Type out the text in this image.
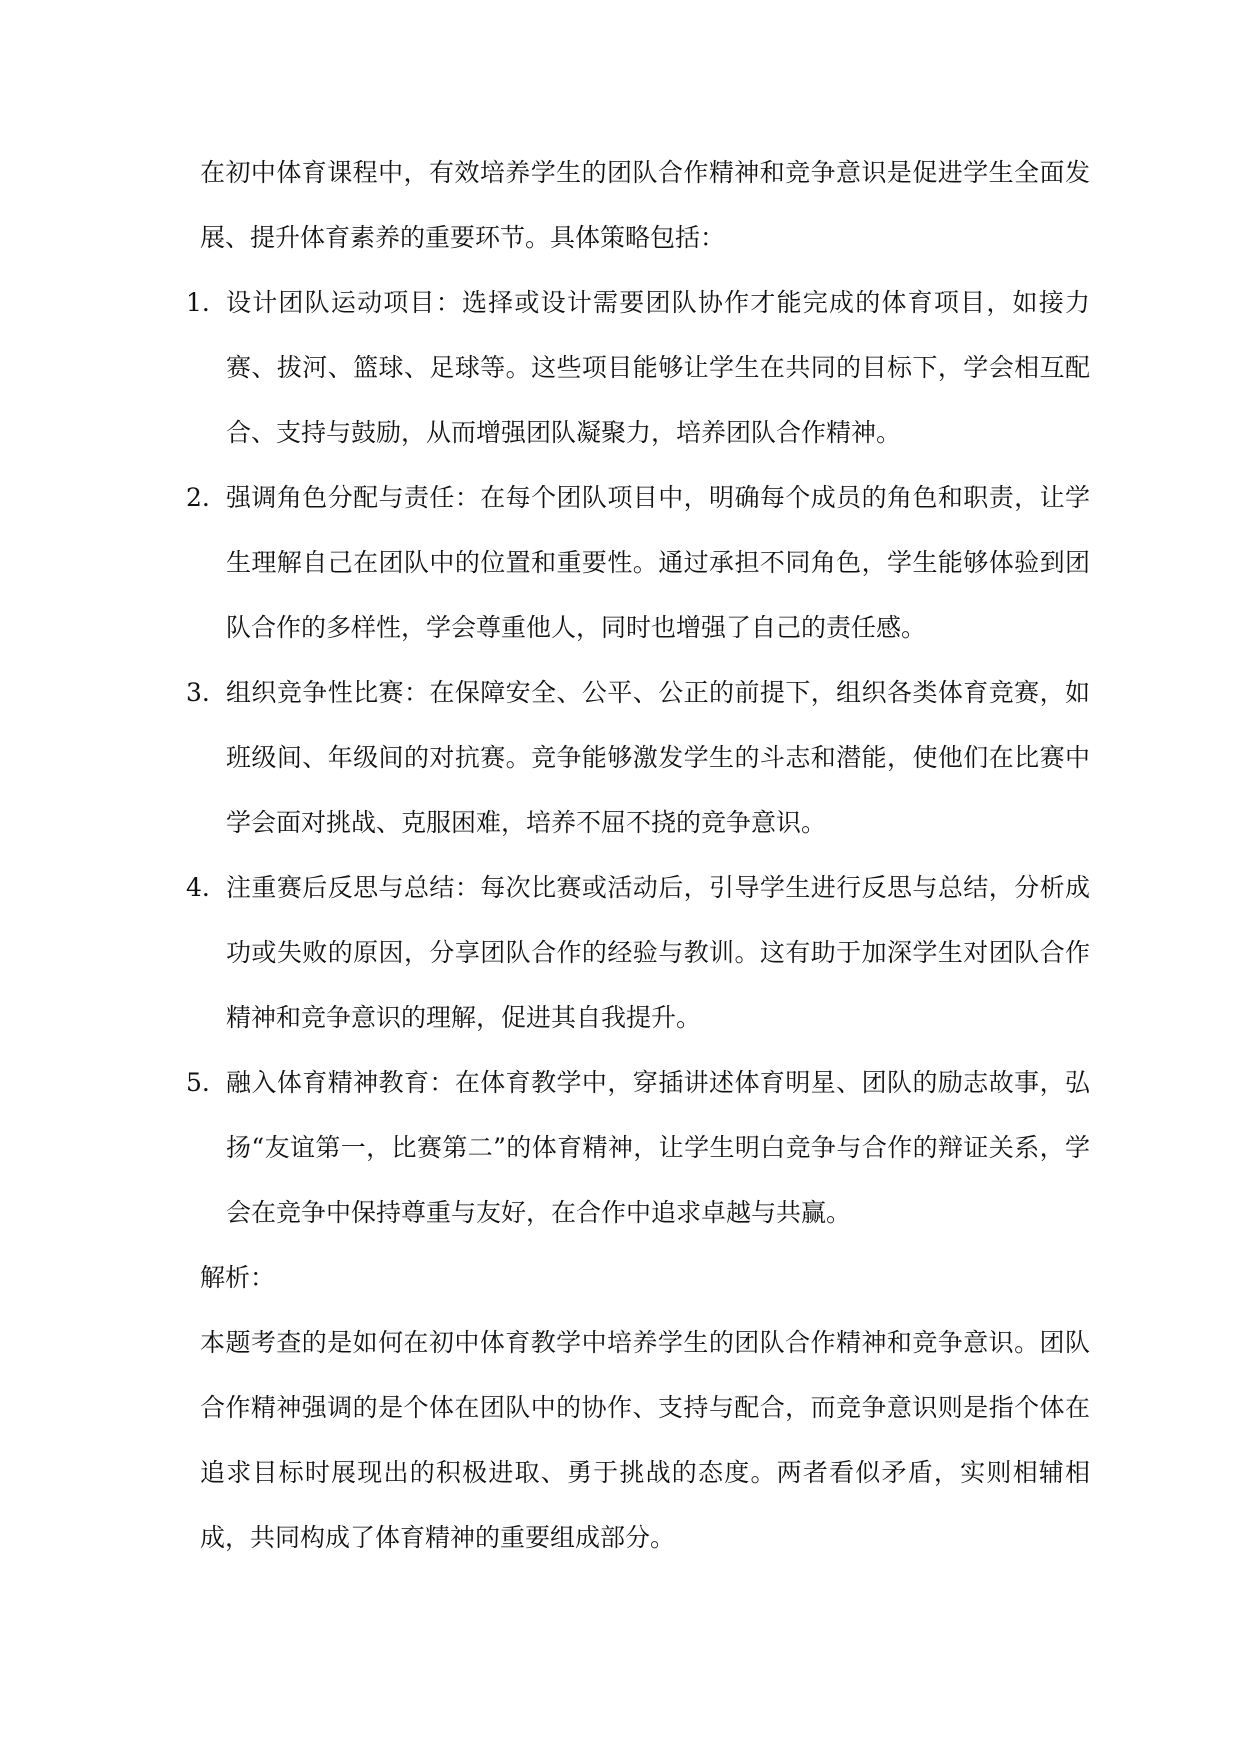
在初中体育课程中，有效培养学生的团队合作精神和竞争意识是促进学生全面发展、提升体育素养的重要环节。具体策略包括：

1. 设计团队运动项目：选择或设计需要团队协作才能完成的体育项目，如接力赛、拔河、篮球、足球等。这些项目能够让学生在共同的目标下，学会相互配合、支持与鼓励，从而增强团队凝聚力，培养团队合作精神。
2. 强调角色分配与责任：在每个团队项目中，明确每个成员的角色和职责，让学生理解自己在团队中的位置和重要性。通过承担不同角色，学生能够体验到团队合作的多样性，学会尊重他人，同时也增强了自己的责任感。
3. 组织竞争性比赛：在保障安全、公平、公正的前提下，组织各类体育竞赛，如班级间、年级间的对抗赛。竞争能够激发学生的斗志和潜能，使他们在比赛中学会面对挑战、克服困难，培养不屈不挠的竞争意识。
4. 注重赛后反思与总结：每次比赛或活动后，引导学生进行反思与总结，分析成功或失败的原因，分享团队合作的经验与教训。这有助于加深学生对团队合作精神和竞争意识的理解，促进其自我提升。
5. 融入体育精神教育：在体育教学中，穿插讲述体育明星、团队的励志故事，弘扬“友谊第一，比赛第二”的体育精神，让学生明白竞争与合作的辩证关系，学会在竞争中保持尊重与友好，在合作中追求卓越与共赢。

解析：

本题考查的是如何在初中体育教学中培养学生的团队合作精神和竞争意识。团队合作精神强调的是个体在团队中的协作、支持与配合，而竞争意识则是指个体在追求目标时展现出的积极进取、勇于挑战的态度。两者看似矛盾，实则相辅相成，共同构成了体育精神的重要组成部分。
